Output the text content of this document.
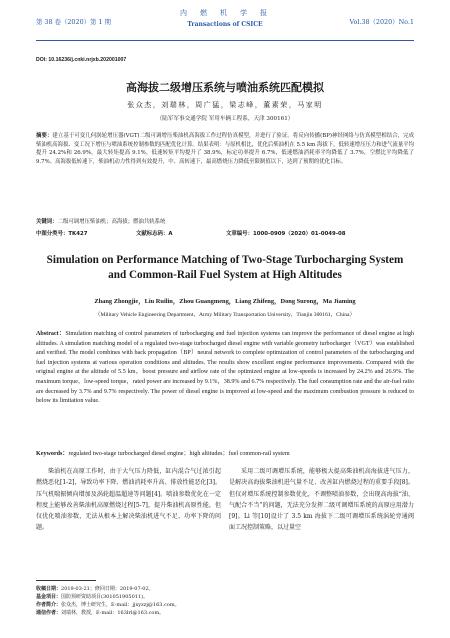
第 38 卷（2020）第 1 期
内　燃　机　学　报
Transactions of CSICE	Vol.38（2020）No.1
DOI: 10.16236/j.cnki.nrjxb.202001007
高海拔二级增压系统与喷油系统匹配模拟
张众杰，刘瑞林，周广猛，梁志峰，董素荣，马家明
（陆军军事交通学院 军用车辆工程系，天津 300161）
摘要：建立基于可变几何涡轮增压器(VGT)二级可调增压柴油机高海拔工作过程仿真模型，并进行了验证。将反向传播(BP)神经网络与仿真模型相结合，完成柴油机高海拔、变工况下增压与喷油系统控制参数的匹配优化计算。结果表明：与原机相比，优化后柴油机在 5.5 km 海拔下，低转速增压压力和进气流量平均提升 24.2%和 26.9%，最大转矩提高 9.1%，低速转矩平均提升了 38.9%，标定功率提升 6.7%，低速燃油消耗率平均降低了 3.7%，空燃比平均降低了 9.7%。高海拔低转速下，柴油机动力性得到有效提升，中、高转速下，最高燃烧压力降低至限制值以下，达到了预期的优化目标。
关键词：二级可调增压柴油机；高海拔；燃油共轨系统
中图分类号：TK427	文献标志码：A	文章编号：1000-0909（2020）01-0049-08
Simulation on Performance Matching of Two-Stage Turbocharging System
and Common-Rail Fuel System at High Altitudes
Zhang Zhongjie，Liu Ruilin，Zhou Guangmeng，Liang Zhifeng，Dong Surong，Ma Jiaming
（Military Vehicle Engineering Department，Army Military Transportation University，Tianjin 300161，China）
Abstract：Simulation matching of control parameters of turbocharging and fuel injection systems can improve the performance of diesel engine at high altitudes. A simulation matching model of a regulated two-stage turbocharged diesel engine with variable geometry turbocharger（VGT）was established and verified. The model combines with back propagation（BP）neural network to complete optimization of control parameters of the turbocharging and fuel injection systems at various operation conditions and altitudes. The results show excellent engine performance improvements. Compared with the original engine at the altitude of 5.5 km，boost pressure and airflow rate of the optimized engine at low-speeds is increased by 24.2% and 26.9%. The maximum torque，low-speed torque，rated power are increased by 9.1%，38.9% and 6.7% respectively. The fuel consumption rate and the air-fuel ratio are decreased by 3.7% and 9.7% respectively. The power of diesel engine is improved at low-speed and the maximum combustion pressure is reduced to below its limitation value.
Keywords：regulated two-stage turbocharged diesel engine；high altitudes；fuel common-rail system
柴油机在高原工作时，由于大气压力降低，缸内混合气过浓引起燃烧恶化[1-2]，导致功率下降、燃油消耗率升高、排放性能恶化[3]。压气机喘振倾向增加及涡轮超温超速等问题[4]。喷油参数优化在一定程度上能够改善柴油机高原燃烧过程[5-7]，提升柴油机高原性能，但仅优化喷油参数，无法从根本上解决柴油机进气不足、功率下降的问题。
采用二级可调增压系统，能够极大提高柴油机高海拔进气压力，是解决高海拔柴油机进气量不足、改善缸内燃烧过程的重要手段[8]。但仅对增压系统控制参数优化，不调整喷油参数，会出现高海拔“油、气配合不当”的问题，无法充分发挥二级可调增压系统的高原应用潜力[9]。Li 等[10]设计了 3.5 km 海拔下二级可调增压系统涡轮旁通阀面工况控制策略，以过量空
收稿日期：2019-03-21；修回日期：2019-07-02。
基金项目：国防预研资助项目(301051905011)。
作者简介：张众杰，博士研究生，E-mail：jjxyzzj@163.com。
通信作者：刘瑞林，教授，E-mail：163lrl@163.com。
